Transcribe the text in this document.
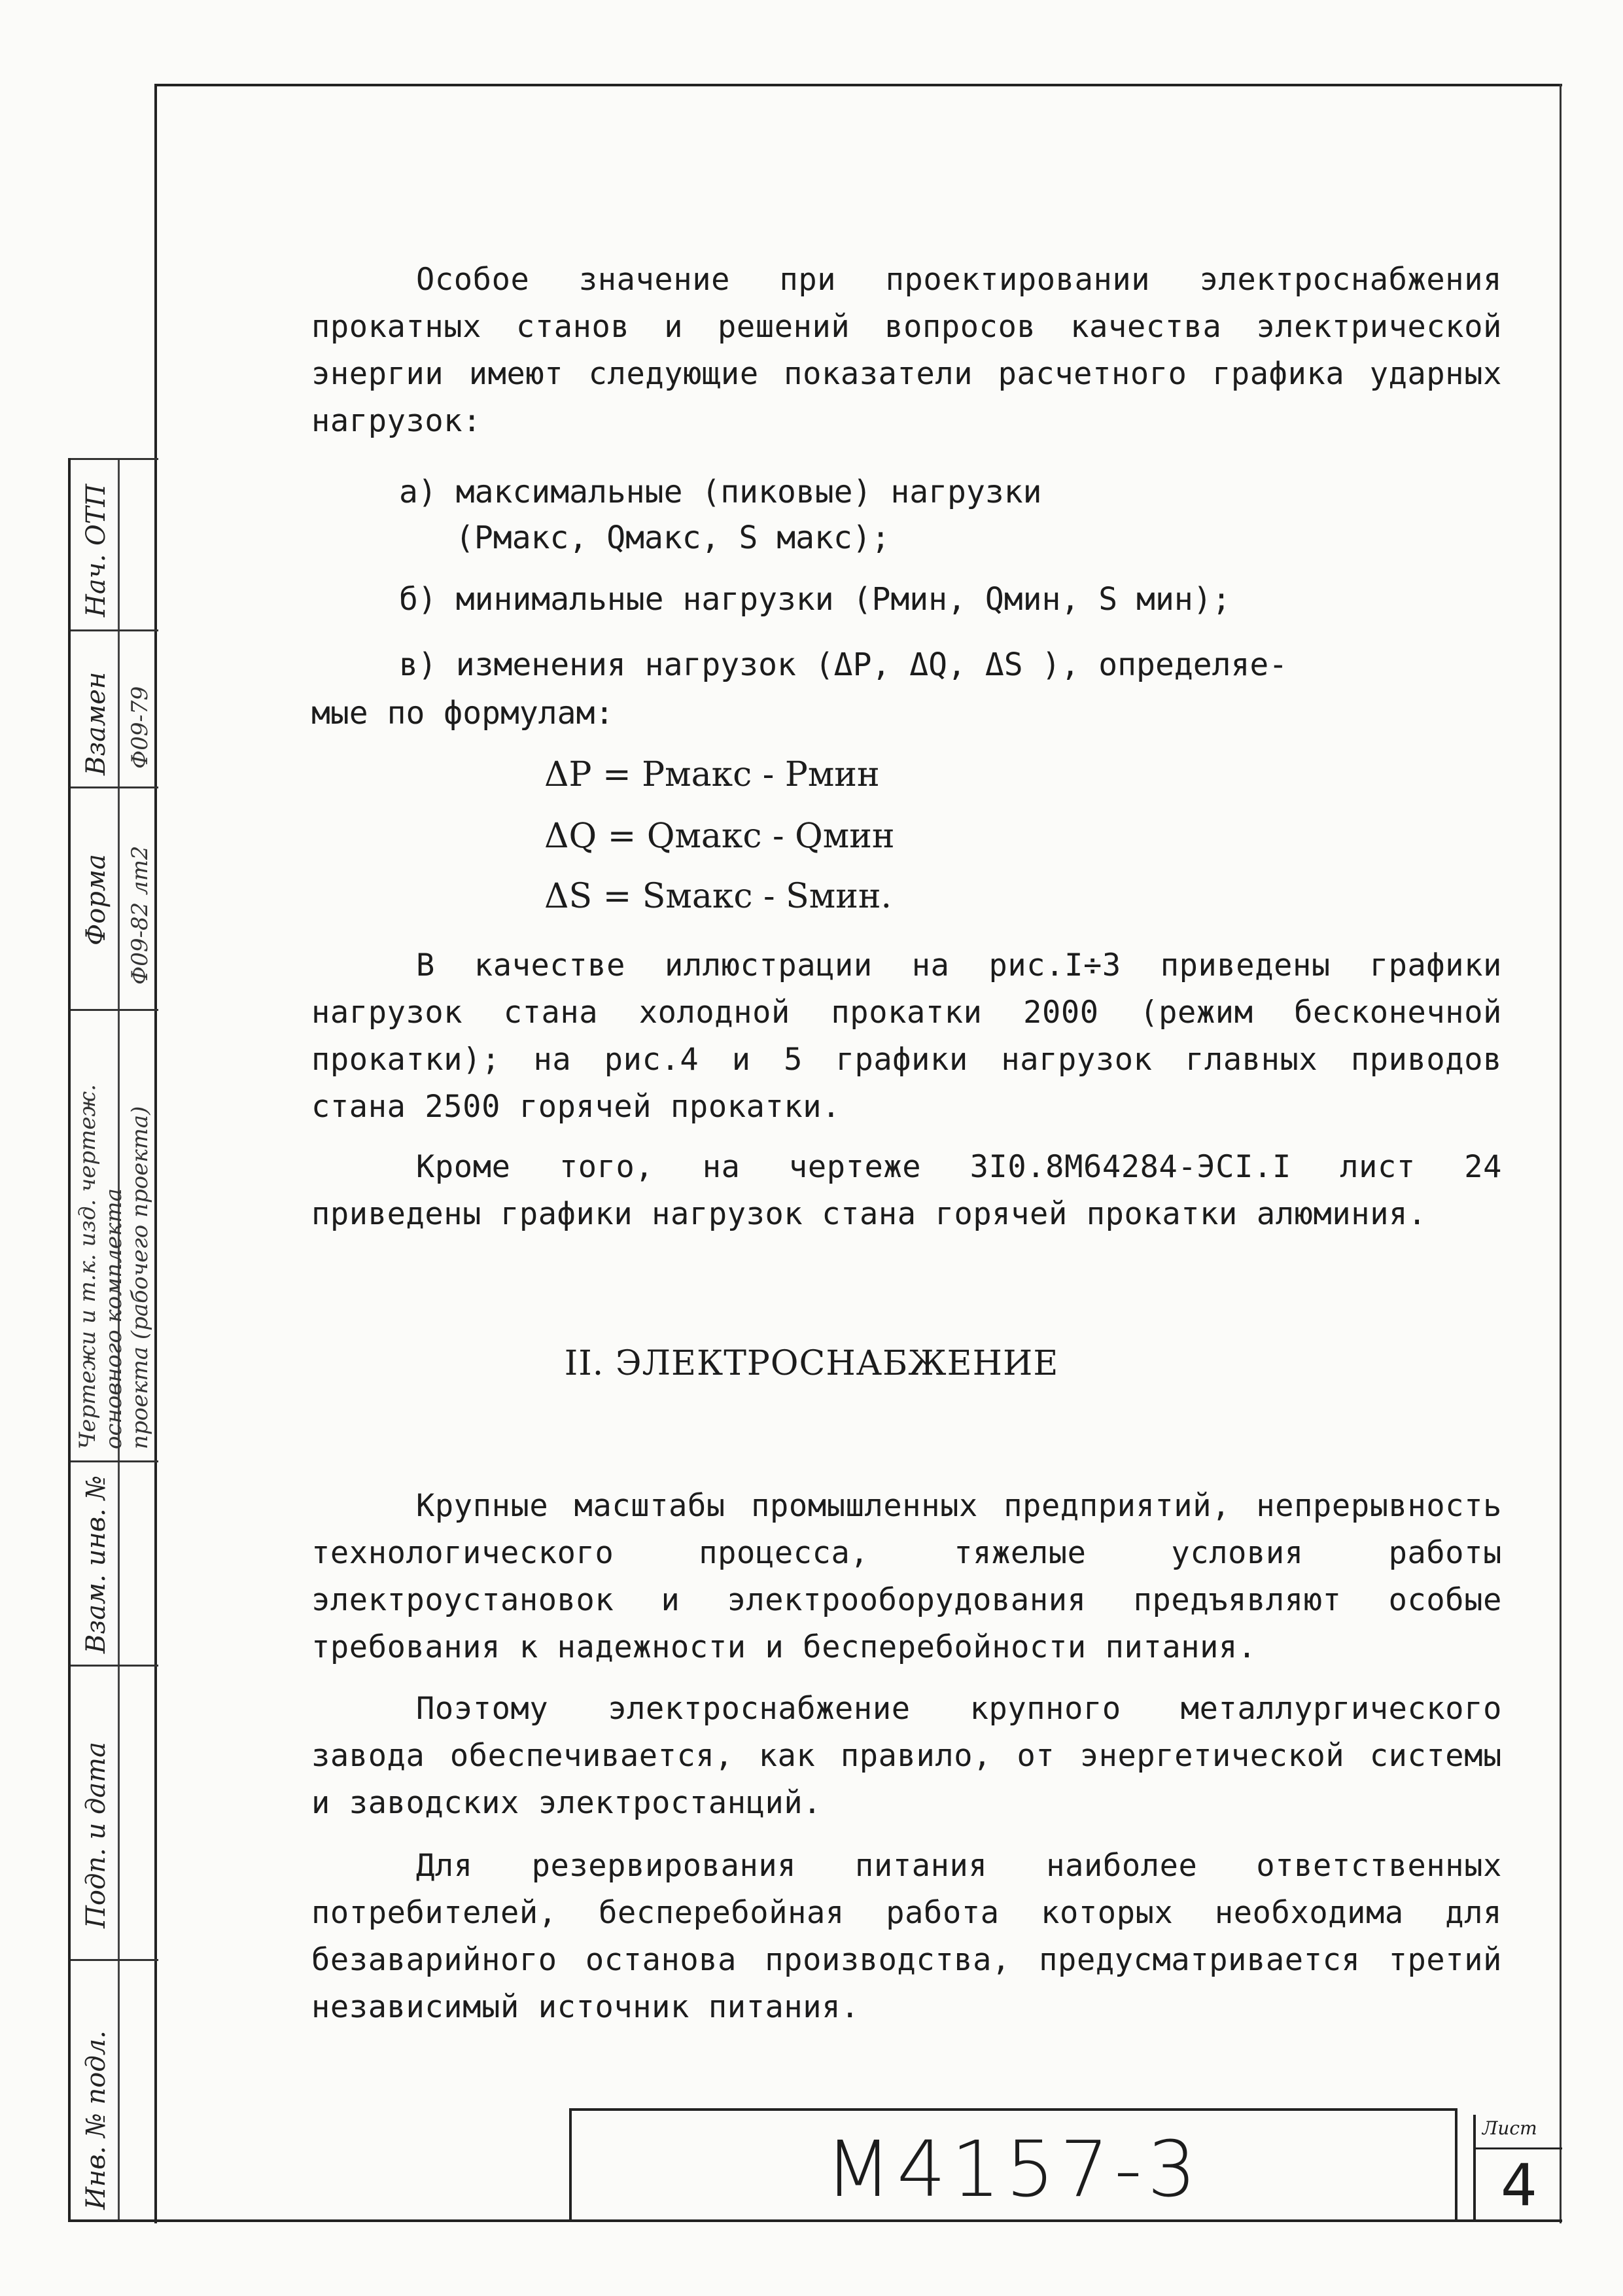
Нач. ОТП
Взамен Ф09-79
Форма Ф09-82 лт2
Чертежи и т.к. изд. чертеж. основного комплекта проекта (рабочего проекта)
Взам. инв. №
Подп. и дата
Инв. № подл.

Особое значение при проектировании электроснабжения прокатных станов и решений вопросов качества электрической энергии имеют следующие показатели расчетного графика ударных нагрузок:

а) максимальные (пиковые) нагрузки

(Рмакс, Qмакс, S макс);

б) минимальные нагрузки (Рмин, Qмин, S мин);

в) изменения нагрузок (ΔP, ΔQ, ΔS ), определяе-

мые по формулам:

ΔP = Рмакс - Рмин
ΔQ = Qмакс - Qмин
ΔS = Sмакс - Sмин.

В качестве иллюстрации на рис.I÷3 приведены графики нагрузок стана холодной прокатки 2000 (режим бесконечной прокатки); на рис.4 и 5 графики нагрузок главных приводов стана 2500 горячей прокатки.

Кроме того, на чертеже 3I0.8М64284-ЭСI.I лист 24 приведены графики нагрузок стана горячей прокатки алюминия.

II. ЭЛЕКТРОСНАБЖЕНИЕ

Крупные масштабы промышленных предприятий, непрерывность технологического процесса, тяжелые условия работы электроустановок и электрооборудования предъявляют особые требования к надежности и бесперебойности питания.

Поэтому электроснабжение крупного металлургического завода обеспечивается, как правило, от энергетической системы и заводских электростанций.

Для резервирования питания наиболее ответственных потребителей, бесперебойная работа которых необходима для безаварийного останова производства, предусматривается третий независимый источник питания.

М4157-3	Лист
4
